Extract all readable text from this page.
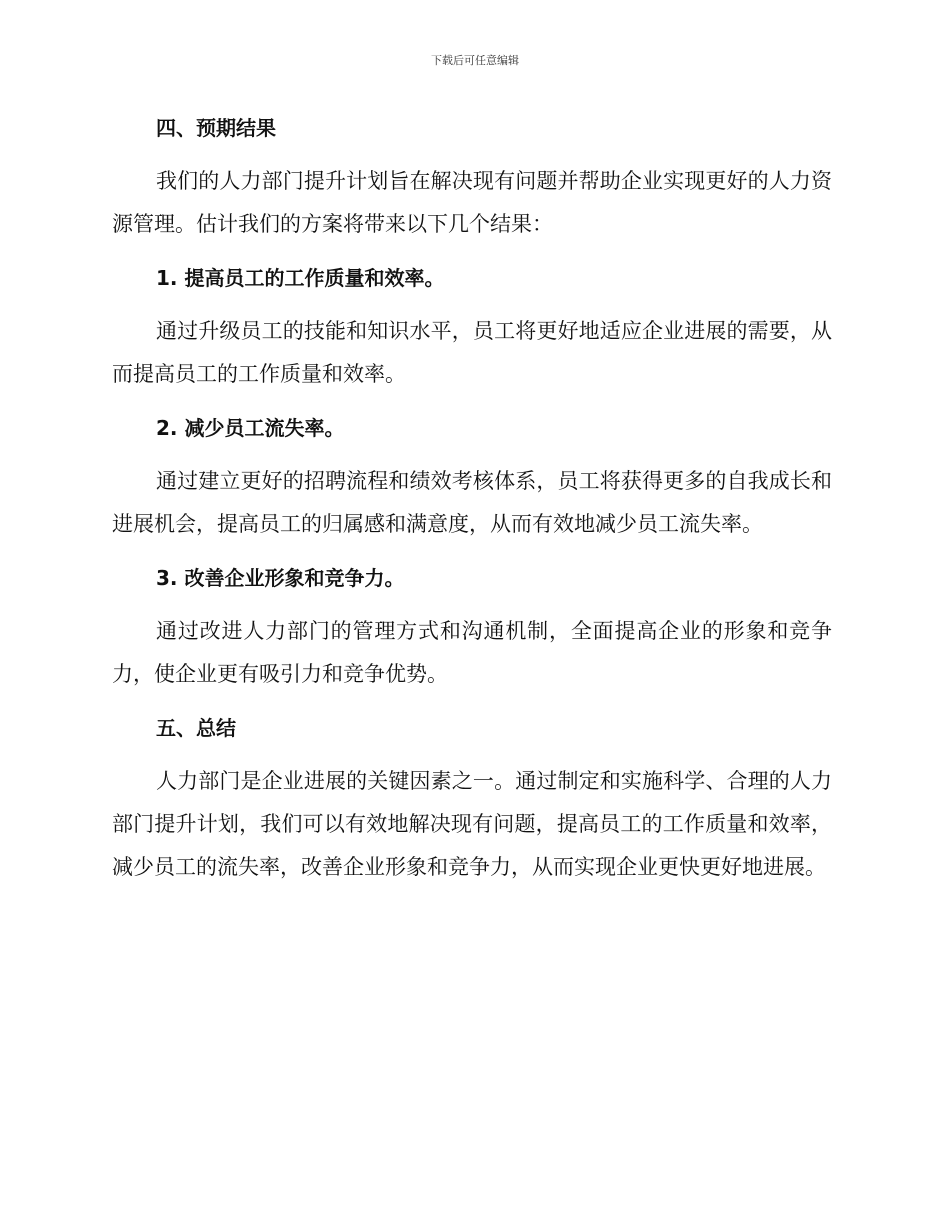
下载后可任意编辑
四、预期结果

我们的人力部门提升计划旨在解决现有问题并帮助企业实现更好的人力资源管理。估计我们的方案将带来以下几个结果：

1. 提高员工的工作质量和效率。

通过升级员工的技能和知识水平，员工将更好地适应企业进展的需要，从而提高员工的工作质量和效率。

2. 减少员工流失率。

通过建立更好的招聘流程和绩效考核体系，员工将获得更多的自我成长和进展机会，提高员工的归属感和满意度，从而有效地减少员工流失率。

3. 改善企业形象和竞争力。

通过改进人力部门的管理方式和沟通机制，全面提高企业的形象和竞争力，使企业更有吸引力和竞争优势。

五、总结

人力部门是企业进展的关键因素之一。通过制定和实施科学、合理的人力部门提升计划，我们可以有效地解决现有问题，提高员工的工作质量和效率，减少员工的流失率，改善企业形象和竞争力，从而实现企业更快更好地进展。
